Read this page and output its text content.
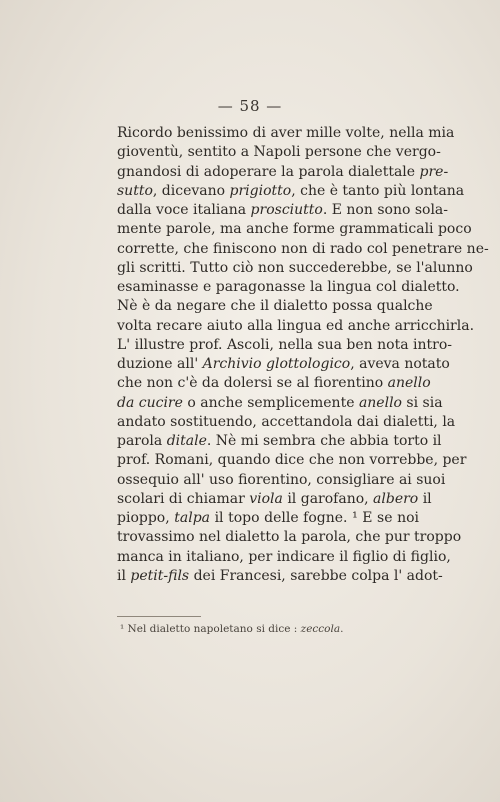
— 58 —
Ricordo benissimo di aver mille volte, nella mia
gioventù, sentito a Napoli persone che vergo-
gnandosi di adoperare la parola dialettale pre-
sutto, dicevano prigiotto, che è tanto più lontana
dalla voce italiana prosciutto. E non sono sola-
mente parole, ma anche forme grammaticali poco
corrette, che finiscono non di rado col penetrare ne-
gli scritti. Tutto ciò non succederebbe, se l'alunno
esaminasse e paragonasse la lingua col dialetto.
Nè è da negare che il dialetto possa qualche
volta recare aiuto alla lingua ed anche arricchirla.
L' illustre prof. Ascoli, nella sua ben nota intro-
duzione all' Archivio glottologico, aveva notato
che non c'è da dolersi se al fiorentino anello
da cucire o anche semplicemente anello si sia
andato sostituendo, accettandola dai dialetti, la
parola ditale. Nè mi sembra che abbia torto il
prof. Romani, quando dice che non vorrebbe, per
ossequio all' uso fiorentino, consigliare ai suoi
scolari di chiamar viola il garofano, albero il
pioppo, talpa il topo delle fogne. ¹ E se noi
trovassimo nel dialetto la parola, che pur troppo
manca in italiano, per indicare il figlio di figlio,
il petit-fils dei Francesi, sarebbe colpa l' adot-
¹ Nel dialetto napoletano si dice : zeccola.
